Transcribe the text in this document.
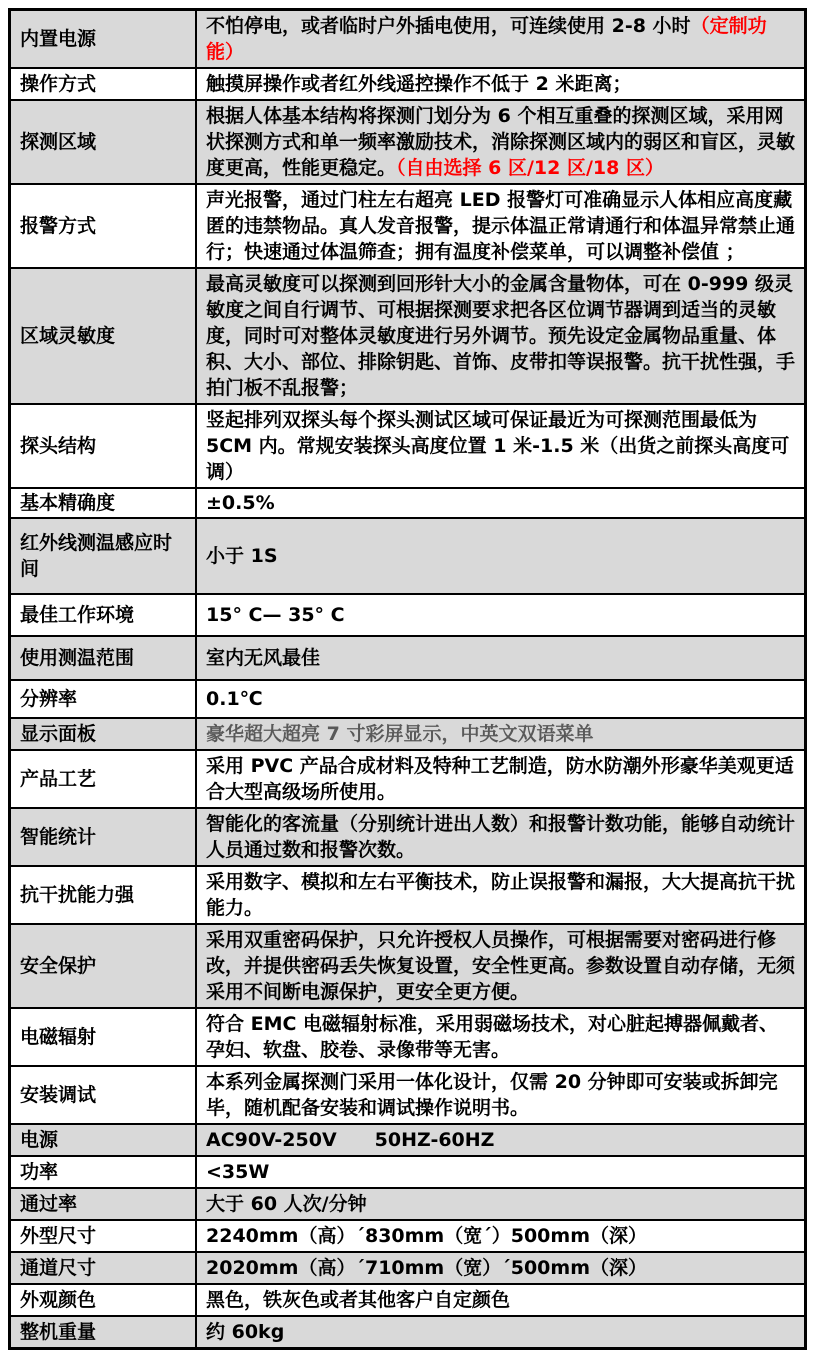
内置电源	不怕停电，或者临时户外插电使用，可连续使用 2-8 小时（定制功能）
操作方式	触摸屏操作或者红外线遥控操作不低于 2 米距离；
探测区域	根据人体基本结构将探测门划分为 6 个相互重叠的探测区域，采用网状探测方式和单一频率激励技术，消除探测区域内的弱区和盲区，灵敏度更高，性能更稳定。（自由选择 6 区/12 区/18 区）
报警方式	声光报警，通过门柱左右超亮 LED 报警灯可准确显示人体相应高度藏匿的违禁物品。真人发音报警，提示体温正常请通行和体温异常禁止通行；快速通过体温筛查；拥有温度补偿菜单，可以调整补偿值 ；
区域灵敏度	最高灵敏度可以探测到回形针大小的金属含量物体，可在 0-999 级灵敏度之间自行调节、可根据探测要求把各区位调节器调到适当的灵敏度，同时可对整体灵敏度进行另外调节。预先设定金属物品重量、体积、大小、部位、排除钥匙、首饰、皮带扣等误报警。抗干扰性强，手拍门板不乱报警；
探头结构	竖起排列双探头每个探头测试区域可保证最近为可探测范围最低为 5CM 内。常规安装探头高度位置 1 米-1.5 米（出货之前探头高度可调）
基本精确度	±0.5%
红外线测温感应时间	小于 1S
最佳工作环境	15° C— 35° C
使用测温范围	室内无风最佳
分辨率	0.1℃
显示面板	豪华超大超亮 7 寸彩屏显示，中英文双语菜单
产品工艺	采用 PVC 产品合成材料及特种工艺制造，防水防潮外形豪华美观更适合大型高级场所使用。
智能统计	智能化的客流量（分别统计进出人数）和报警计数功能，能够自动统计人员通过数和报警次数。
抗干扰能力强	采用数字、模拟和左右平衡技术，防止误报警和漏报，大大提高抗干扰能力。
安全保护	采用双重密码保护，只允许授权人员操作，可根据需要对密码进行修改，并提供密码丢失恢复设置，安全性更高。参数设置自动存储，无须采用不间断电源保护，更安全更方便。
电磁辐射	符合 EMC 电磁辐射标准，采用弱磁场技术，对心脏起搏器佩戴者、孕妇、软盘、胶卷、录像带等无害。
安装调试	本系列金属探测门采用一体化设计，仅需 20 分钟即可安装或拆卸完毕，随机配备安装和调试操作说明书。
电源	AC90V-250V　　50HZ-60HZ
功率	<35W
通过率	大于 60 人次/分钟
外型尺寸	2240mm（高）´830mm（宽´）500mm（深）
通道尺寸	2020mm（高）´710mm（宽）´500mm（深）
外观颜色	黑色，铁灰色或者其他客户自定颜色
整机重量	约 60kg
